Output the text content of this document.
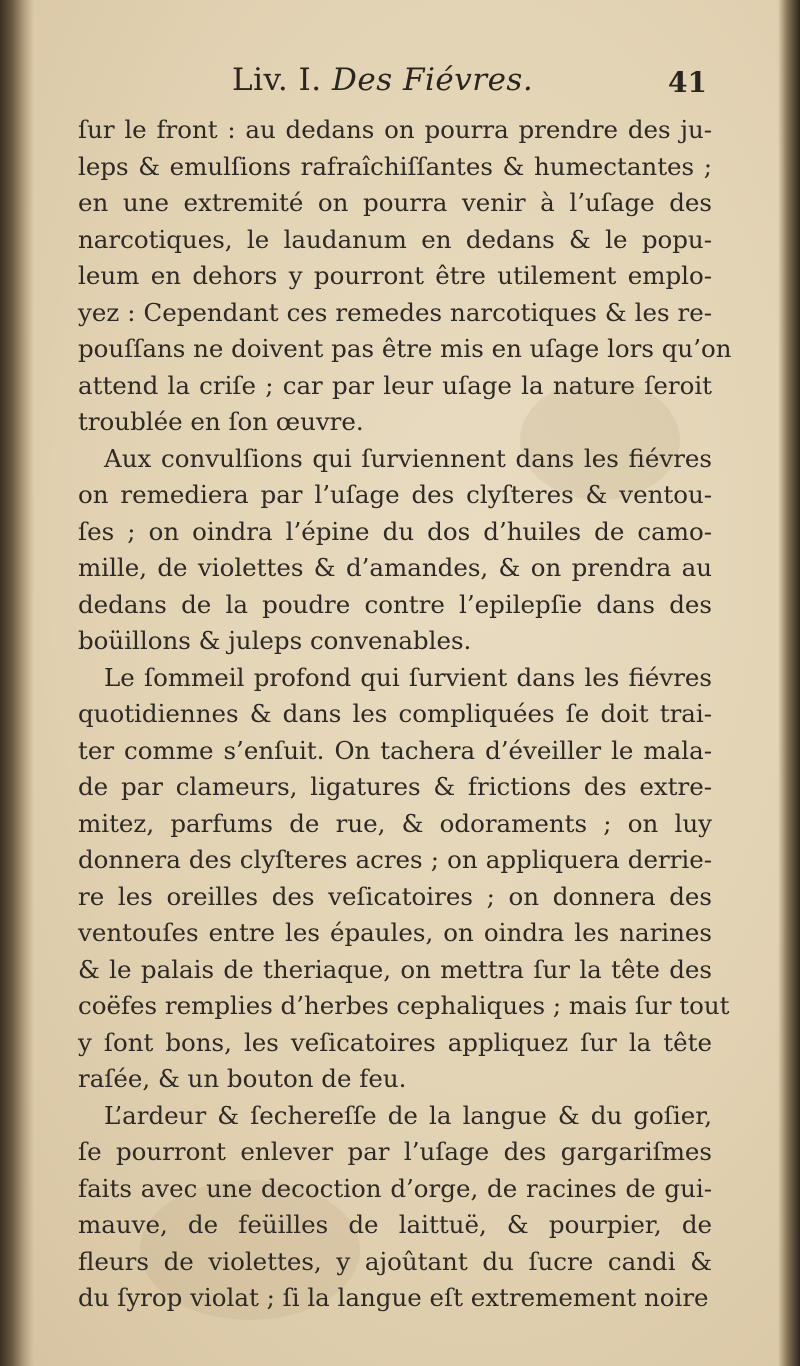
Liv. I. Des Fiévres.	41
ſur le front : au dedans on pourra prendre des ju-
leps & emulſions rafraîchiſſantes & humectantes ;
en une extremité on pourra venir à l’uſage des
narcotiques, le laudanum en dedans & le popu-
leum en dehors y pourront être utilement emplo-
yez : Cependant ces remedes narcotiques & les re-
pouſſans ne doivent pas être mis en uſage lors qu’on
attend la criſe ; car par leur uſage la nature ſeroit
troublée en ſon œuvre.
Aux convulſions qui ſurviennent dans les fiévres
on remediera par l’uſage des clyſteres & ventou-
ſes ; on oindra l’épine du dos d’huiles de camo-
mille, de violettes & d’amandes, & on prendra au
dedans de la poudre contre l’epilepſie dans des
boüillons & juleps convenables.
Le ſommeil profond qui ſurvient dans les fiévres
quotidiennes & dans les compliquées ſe doit trai-
ter comme s’enſuit. On tachera d’éveiller le mala-
de par clameurs, ligatures & frictions des extre-
mitez, parfums de rue, & odoraments ; on luy
donnera des clyſteres acres ; on appliquera derrie-
re les oreilles des veſicatoires ; on donnera des
ventouſes entre les épaules, on oindra les narines
& le palais de theriaque, on mettra ſur la tête des
coëfes remplies d’herbes cephaliques ; mais ſur tout
y ſont bons, les veſicatoires appliquez ſur la tête
raſée, & un bouton de feu.
L’ardeur & ſechereſſe de la langue & du goſier,
ſe pourront enlever par l’uſage des gargariſmes
faits avec une decoction d’orge, de racines de gui-
mauve, de feüilles de laittuë, & pourpier, de
fleurs de violettes, y ajoûtant du ſucre candi &
du ſyrop violat ; ſi la langue eſt extremement noire
